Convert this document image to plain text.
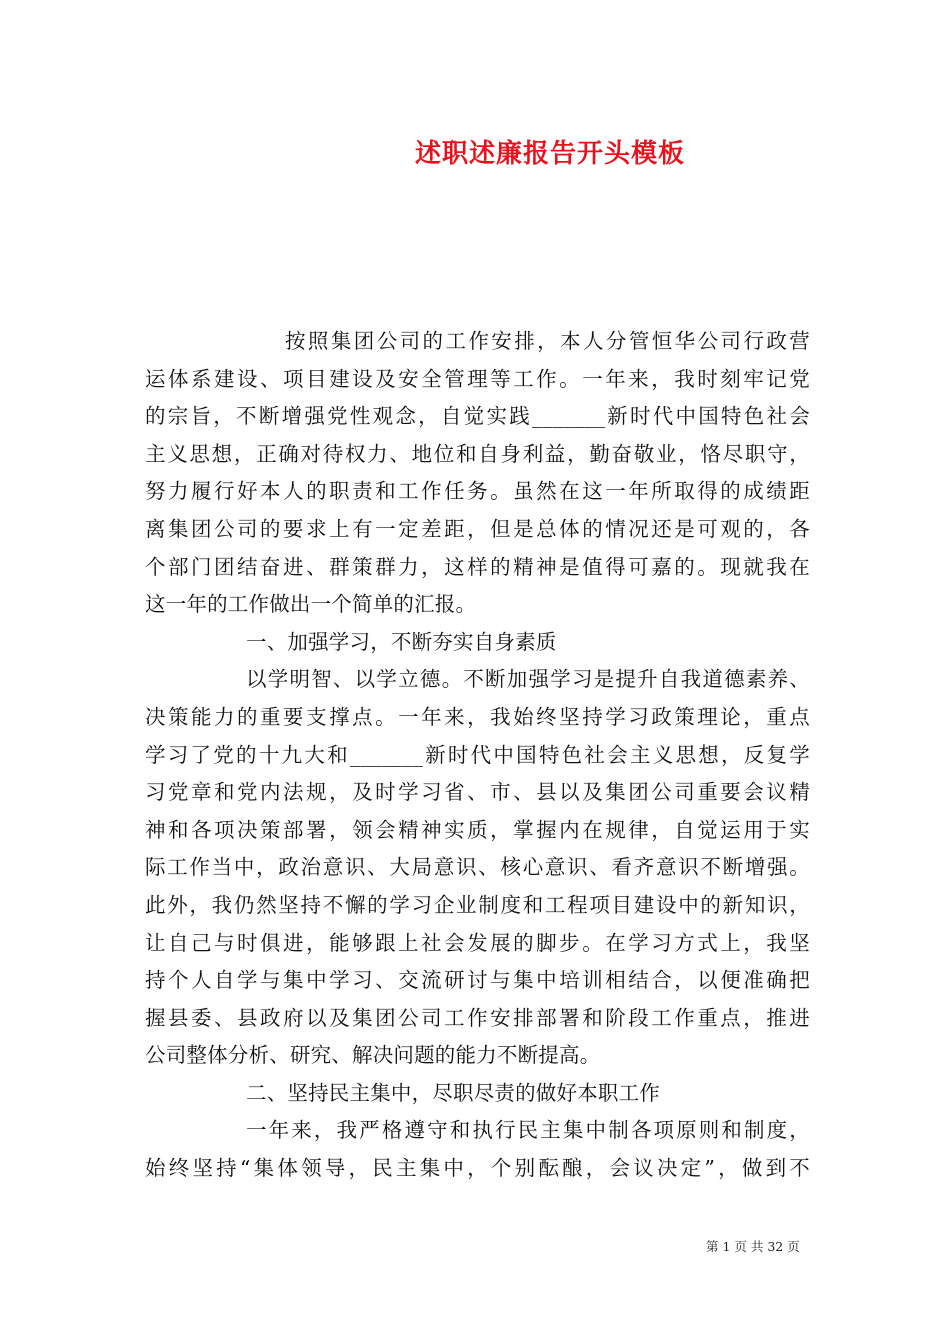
述职述廉报告开头模板
按照集团公司的工作安排，本人分管恒华公司行政营
运体系建设、项目建设及安全管理等工作。一年来，我时刻牢记党
的宗旨，不断增强党性观念，自觉实践_______新时代中国特色社会
主义思想，正确对待权力、地位和自身利益，勤奋敬业，恪尽职守，
努力履行好本人的职责和工作任务。虽然在这一年所取得的成绩距
离集团公司的要求上有一定差距，但是总体的情况还是可观的，各
个部门团结奋进、群策群力，这样的精神是值得可嘉的。现就我在
这一年的工作做出一个简单的汇报。
一、加强学习，不断夯实自身素质
以学明智、以学立德。不断加强学习是提升自我道德素养、
决策能力的重要支撑点。一年来，我始终坚持学习政策理论，重点
学习了党的十九大和_______新时代中国特色社会主义思想，反复学
习党章和党内法规，及时学习省、市、县以及集团公司重要会议精
神和各项决策部署，领会精神实质，掌握内在规律，自觉运用于实
际工作当中，政治意识、大局意识、核心意识、看齐意识不断增强。
此外，我仍然坚持不懈的学习企业制度和工程项目建设中的新知识，
让自己与时俱进，能够跟上社会发展的脚步。在学习方式上，我坚
持个人自学与集中学习、交流研讨与集中培训相结合，以便准确把
握县委、县政府以及集团公司工作安排部署和阶段工作重点，推进
公司整体分析、研究、解决问题的能力不断提高。
二、坚持民主集中，尽职尽责的做好本职工作
一年来，我严格遵守和执行民主集中制各项原则和制度，
始终坚持“集体领导，民主集中，个别酝酿，会议决定”，做到不
第 1 页 共 32 页
